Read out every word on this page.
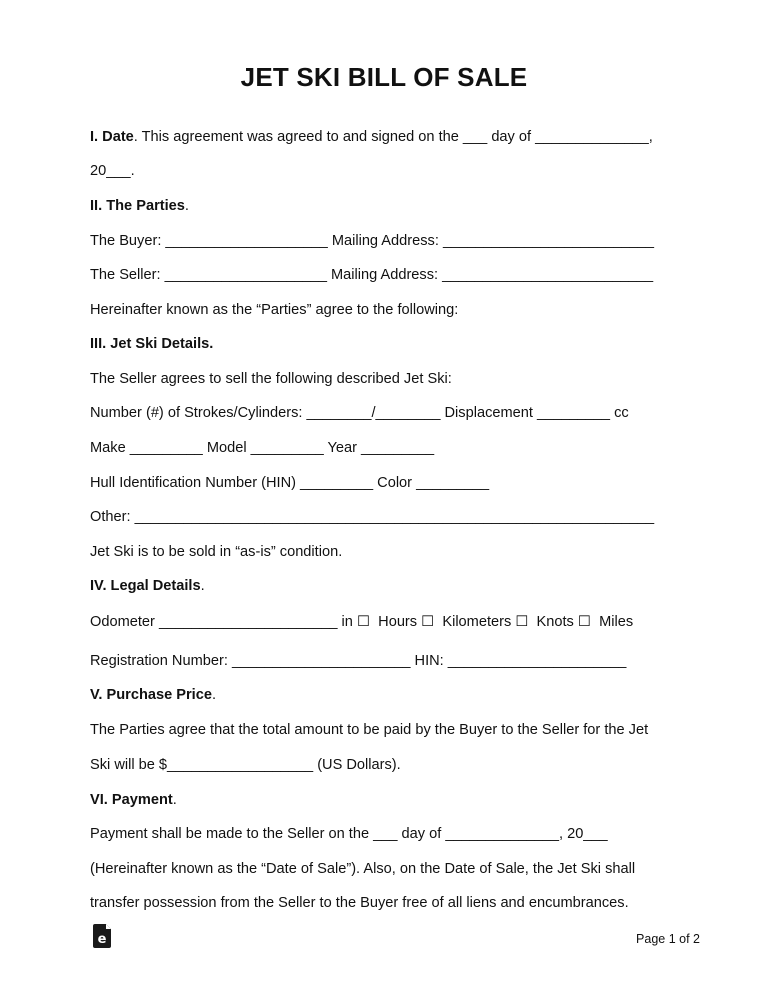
JET SKI BILL OF SALE
I. Date. This agreement was agreed to and signed on the ___ day of ______________,
20___.
II. The Parties.
The Buyer: ____________________ Mailing Address: __________________________
The Seller: ____________________ Mailing Address: __________________________
Hereinafter known as the “Parties” agree to the following:
III. Jet Ski Details.
The Seller agrees to sell the following described Jet Ski:
Number (#) of Strokes/Cylinders: ________/________ Displacement _________ cc
Make _________ Model _________ Year _________
Hull Identification Number (HIN) _________ Color _________
Other: ________________________________________________________________
Jet Ski is to be sold in “as-is” condition.
IV. Legal Details.
Odometer ______________________ in ☐  Hours ☐  Kilometers ☐  Knots ☐  Miles
Registration Number: ______________________ HIN: ______________________
V. Purchase Price.
The Parties agree that the total amount to be paid by the Buyer to the Seller for the Jet
Ski will be $__________________ (US Dollars).
VI. Payment.
Payment shall be made to the Seller on the ___ day of ______________, 20___
(Hereinafter known as the “Date of Sale”). Also, on the Date of Sale, the Jet Ski shall
transfer possession from the Seller to the Buyer free of all liens and encumbrances.
e	Page 1 of 2
